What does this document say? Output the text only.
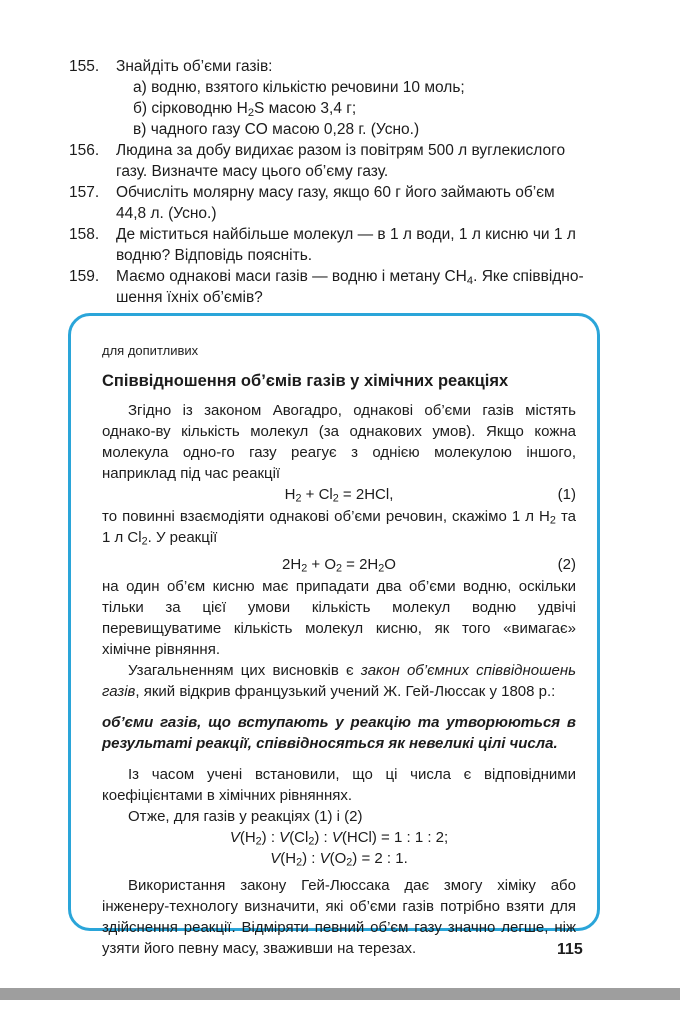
155. Знайдіть об’єми газів:
а) водню, взятого кількістю речовини 10 моль;
б) сірководню $H_2S$ масою 3,4 г;
в) чадного газу CO масою 0,28 г. (Усно.)
156. Людина за добу видихає разом із повітрям 500 л вуглекислого
газу. Визначте масу цього об’єму газу.
157. Обчисліть молярну масу газу, якщо 60 г його займають об’єм
44,8 л. (Усно.)
158. Де міститься найбільше молекул — в 1 л води, 1 л кисню чи 1 л
водню? Відповідь поясніть.
159. Маємо однакові маси газів — водню і метану $CH_4$. Яке співвідно-
шення їхніх об’ємів?
для допитливих
Співвідношення об’ємів газів у хімічних реакціях

Згідно із законом Авогадро, однакові об’єми газів містять однако-ву кількість молекул (за однакових умов). Якщо кожна молекула одно-го газу реагує з однією молекулою іншого, наприклад під час реакції

$H_2 + Cl_2 = 2HCl$,	(1)

то повинні взаємодіяти однакові об’єми речовин, скажімо 1 л $H_2$ та 1 л $Cl_2$. У реакції

$2H_2 + O_2 = 2H_2O$	(2)

на один об’єм кисню має припадати два об’єми водню, оскільки тільки за цієї умови кількість молекул водню удвічі перевищуватиме кількість молекул кисню, як того «вимагає» хімічне рівняння.

Узагальненням цих висновків є закон об’ємних співвідношень газів, який відкрив французький учений Ж. Гей-Люссак у 1808 р.:

об’єми газів, що вступають у реакцію та утворюються в результаті реакції, співвідносяться як невеликі цілі числа.

Із часом учені встановили, що ці числа є відповідними коефіцієнтами в хімічних рівняннях.

Отже, для газів у реакціях (1) і (2)

$V(H_2)$ : $V(Cl_2)$ : V(HCl) = 1 : 1 : 2;
$V(H_2)$ : $V(O_2) = 2$ : 1.

Використання закону Гей-Люссака дає змогу хіміку або інженеру-технологу визначити, які об’єми газів потрібно взяти для здійснення реакції. Відміряти певний об’єм газу значно легше, ніж узяти його певну масу, зваживши на терезах.	115
